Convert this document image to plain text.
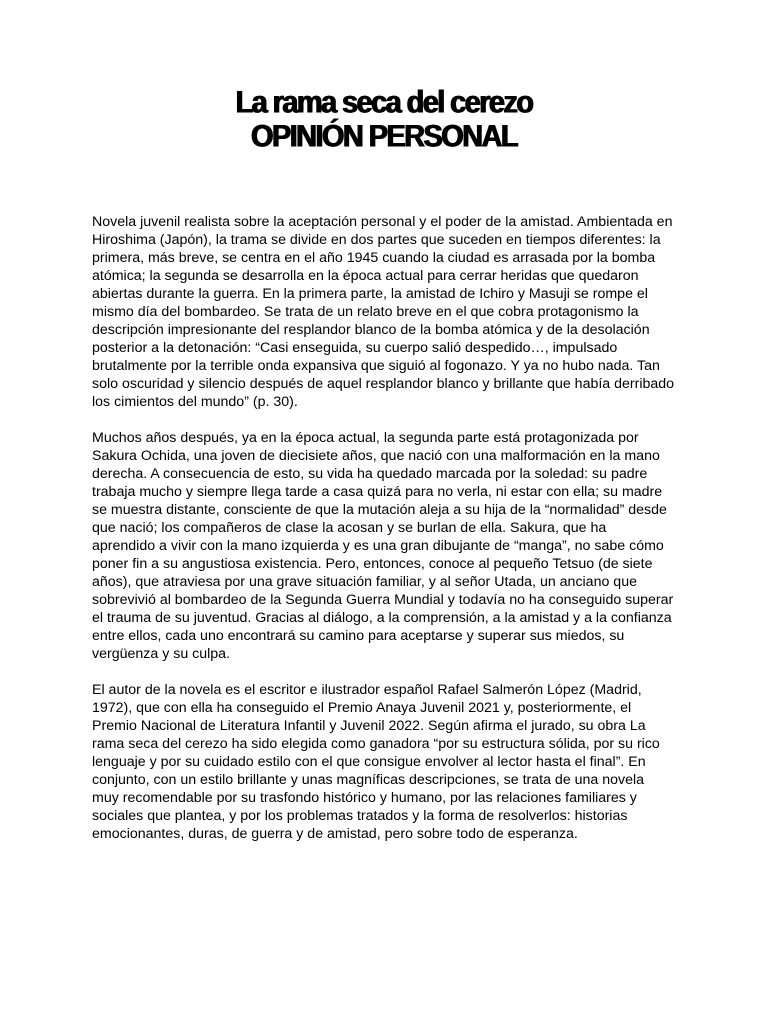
La rama seca del cerezo
OPINIÓN PERSONAL

Novela juvenil realista sobre la aceptación personal y el poder de la amistad. Ambientada en
Hiroshima (Japón), la trama se divide en dos partes que suceden en tiempos diferentes: la
primera, más breve, se centra en el año 1945 cuando la ciudad es arrasada por la bomba
atómica; la segunda se desarrolla en la época actual para cerrar heridas que quedaron
abiertas durante la guerra. En la primera parte, la amistad de Ichiro y Masuji se rompe el
mismo día del bombardeo. Se trata de un relato breve en el que cobra protagonismo la
descripción impresionante del resplandor blanco de la bomba atómica y de la desolación
posterior a la detonación: “Casi enseguida, su cuerpo salió despedido…, impulsado
brutalmente por la terrible onda expansiva que siguió al fogonazo. Y ya no hubo nada. Tan
solo oscuridad y silencio después de aquel resplandor blanco y brillante que había derribado
los cimientos del mundo” (p. 30).

Muchos años después, ya en la época actual, la segunda parte está protagonizada por
Sakura Ochida, una joven de diecisiete años, que nació con una malformación en la mano
derecha. A consecuencia de esto, su vida ha quedado marcada por la soledad: su padre
trabaja mucho y siempre llega tarde a casa quizá para no verla, ni estar con ella; su madre
se muestra distante, consciente de que la mutación aleja a su hija de la “normalidad” desde
que nació; los compañeros de clase la acosan y se burlan de ella. Sakura, que ha
aprendido a vivir con la mano izquierda y es una gran dibujante de “manga”, no sabe cómo
poner fin a su angustiosa existencia. Pero, entonces, conoce al pequeño Tetsuo (de siete
años), que atraviesa por una grave situación familiar, y al señor Utada, un anciano que
sobrevivió al bombardeo de la Segunda Guerra Mundial y todavía no ha conseguido superar
el trauma de su juventud. Gracias al diálogo, a la comprensión, a la amistad y a la confianza
entre ellos, cada uno encontrará su camino para aceptarse y superar sus miedos, su
vergüenza y su culpa.

El autor de la novela es el escritor e ilustrador español Rafael Salmerón López (Madrid,
1972), que con ella ha conseguido el Premio Anaya Juvenil 2021 y, posteriormente, el
Premio Nacional de Literatura Infantil y Juvenil 2022. Según afirma el jurado, su obra La
rama seca del cerezo ha sido elegida como ganadora “por su estructura sólida, por su rico
lenguaje y por su cuidado estilo con el que consigue envolver al lector hasta el final”. En
conjunto, con un estilo brillante y unas magníficas descripciones, se trata de una novela
muy recomendable por su trasfondo histórico y humano, por las relaciones familiares y
sociales que plantea, y por los problemas tratados y la forma de resolverlos: historias
emocionantes, duras, de guerra y de amistad, pero sobre todo de esperanza.
